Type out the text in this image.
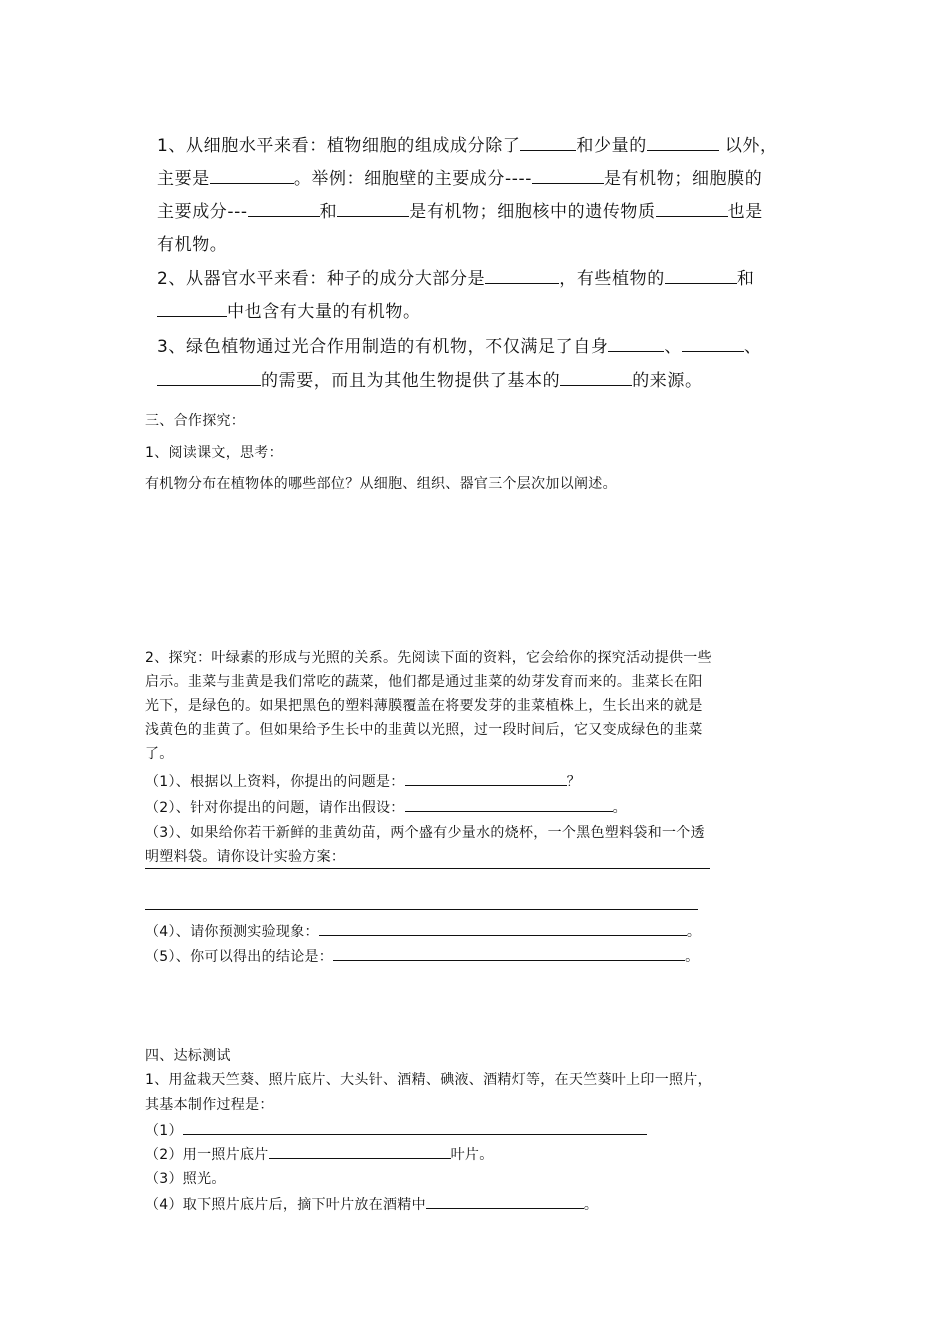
1、从细胞水平来看：植物细胞的组成成分除了	和少量的	以外，
主要是	。举例：细胞壁的主要成分----	是有机物；细胞膜的
主要成分---	和	是有机物；细胞核中的遗传物质	也是
有机物。
2、从器官水平来看：种子的成分大部分是	，有些植物的	和
中也含有大量的有机物。
3、绿色植物通过光合作用制造的有机物，不仅满足了自身	、	、
的需要，而且为其他生物提供了基本的	的来源。
三、合作探究：
1、阅读课文，思考：
有机物分布在植物体的哪些部位？从细胞、组织、器官三个层次加以阐述。
2、探究：叶绿素的形成与光照的关系。先阅读下面的资料，它会给你的探究活动提供一些
启示。韭菜与韭黄是我们常吃的蔬菜，他们都是通过韭菜的幼芽发育而来的。韭菜长在阳
光下，是绿色的。如果把黑色的塑料薄膜覆盖在将要发芽的韭菜植株上，生长出来的就是
浅黄色的韭黄了。但如果给予生长中的韭黄以光照，过一段时间后，它又变成绿色的韭菜
了。
（1）、根据以上资料，你提出的问题是：	？
（2）、针对你提出的问题，请作出假设：	。
（3）、如果给你若干新鲜的韭黄幼苗，两个盛有少量水的烧杯，一个黑色塑料袋和一个透
明塑料袋。请你设计实验方案：
（4）、请你预测实验现象：	。
（5）、你可以得出的结论是：	。
四、达标测试
1、用盆栽天竺葵、照片底片、大头针、酒精、碘液、酒精灯等，在天竺葵叶上印一照片，
其基本制作过程是：
（1）
（2）用一照片底片	叶片。
（3）照光。
（4）取下照片底片后，摘下叶片放在酒精中	。
